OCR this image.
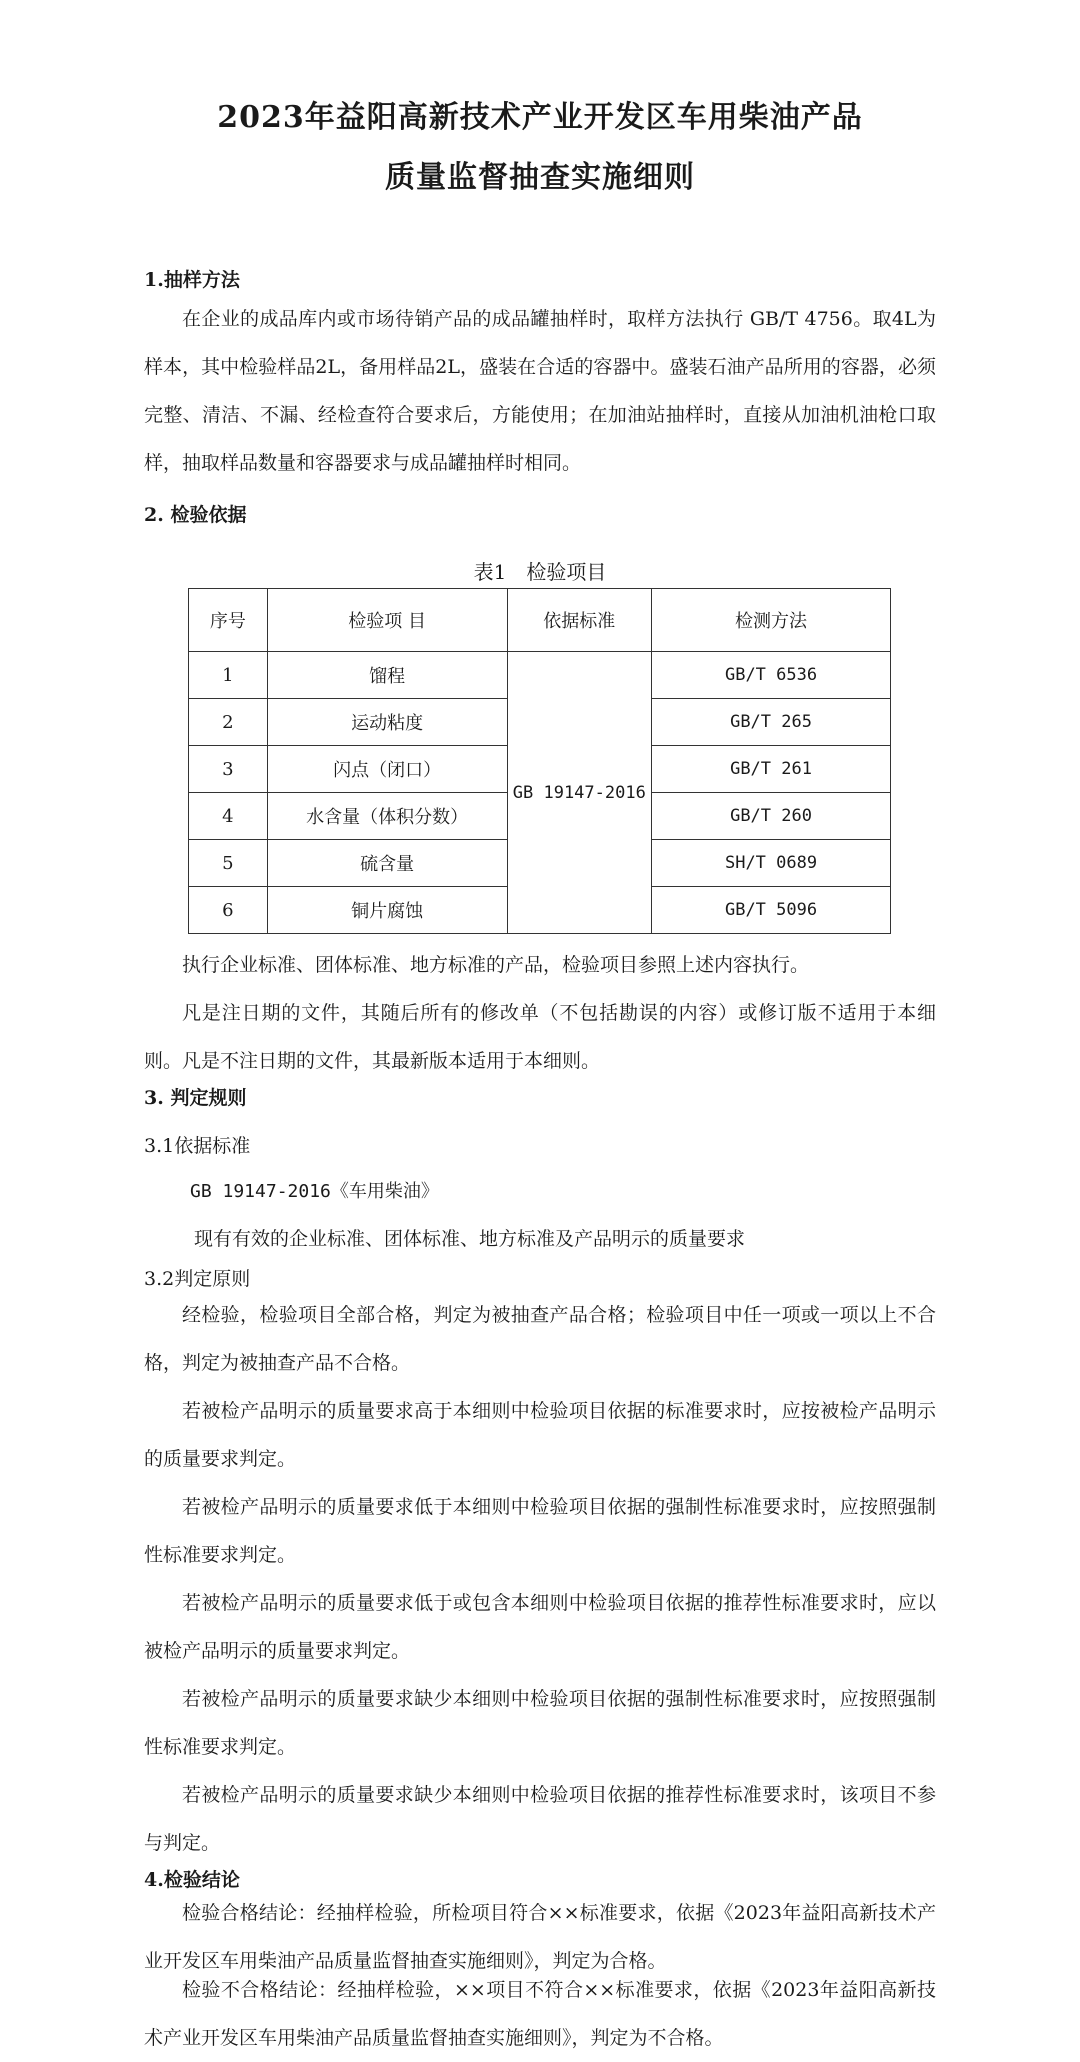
2023年益阳高新技术产业开发区车用柴油产品
质量监督抽查实施细则
1.抽样方法
在企业的成品库内或市场待销产品的成品罐抽样时，取样方法执行 GB/T 4756。取4L为样本，其中检验样品2L，备用样品2L，盛装在合适的容器中。盛装石油产品所用的容器，必须完整、清洁、不漏、经检查符合要求后，方能使用；在加油站抽样时，直接从加油机油枪口取样，抽取样品数量和容器要求与成品罐抽样时相同。
2. 检验依据
表1　检验项目
序号	检验项 目	依据标准	检测方法
1	馏程	GB 19147-2016	GB/T 6536
2	运动粘度		GB/T 265
3	闪点（闭口）		GB/T 261
4	水含量（体积分数）		GB/T 260
5	硫含量		SH/T 0689
6	铜片腐蚀		GB/T 5096
执行企业标准、团体标准、地方标准的产品，检验项目参照上述内容执行。
凡是注日期的文件，其随后所有的修改单（不包括勘误的内容）或修订版不适用于本细则。凡是不注日期的文件，其最新版本适用于本细则。
3. 判定规则
3.1依据标准
GB 19147-2016《车用柴油》
现有有效的企业标准、团体标准、地方标准及产品明示的质量要求
3.2判定原则
经检验，检验项目全部合格，判定为被抽查产品合格；检验项目中任一项或一项以上不合格，判定为被抽查产品不合格。
若被检产品明示的质量要求高于本细则中检验项目依据的标准要求时，应按被检产品明示的质量要求判定。
若被检产品明示的质量要求低于本细则中检验项目依据的强制性标准要求时，应按照强制性标准要求判定。
若被检产品明示的质量要求低于或包含本细则中检验项目依据的推荐性标准要求时，应以被检产品明示的质量要求判定。
若被检产品明示的质量要求缺少本细则中检验项目依据的强制性标准要求时，应按照强制性标准要求判定。
若被检产品明示的质量要求缺少本细则中检验项目依据的推荐性标准要求时，该项目不参与判定。
4.检验结论
检验合格结论：经抽样检验，所检项目符合××标准要求，依据《2023年益阳高新技术产业开发区车用柴油产品质量监督抽查实施细则》，判定为合格。
检验不合格结论：经抽样检验，××项目不符合××标准要求，依据《2023年益阳高新技术产业开发区车用柴油产品质量监督抽查实施细则》，判定为不合格。
